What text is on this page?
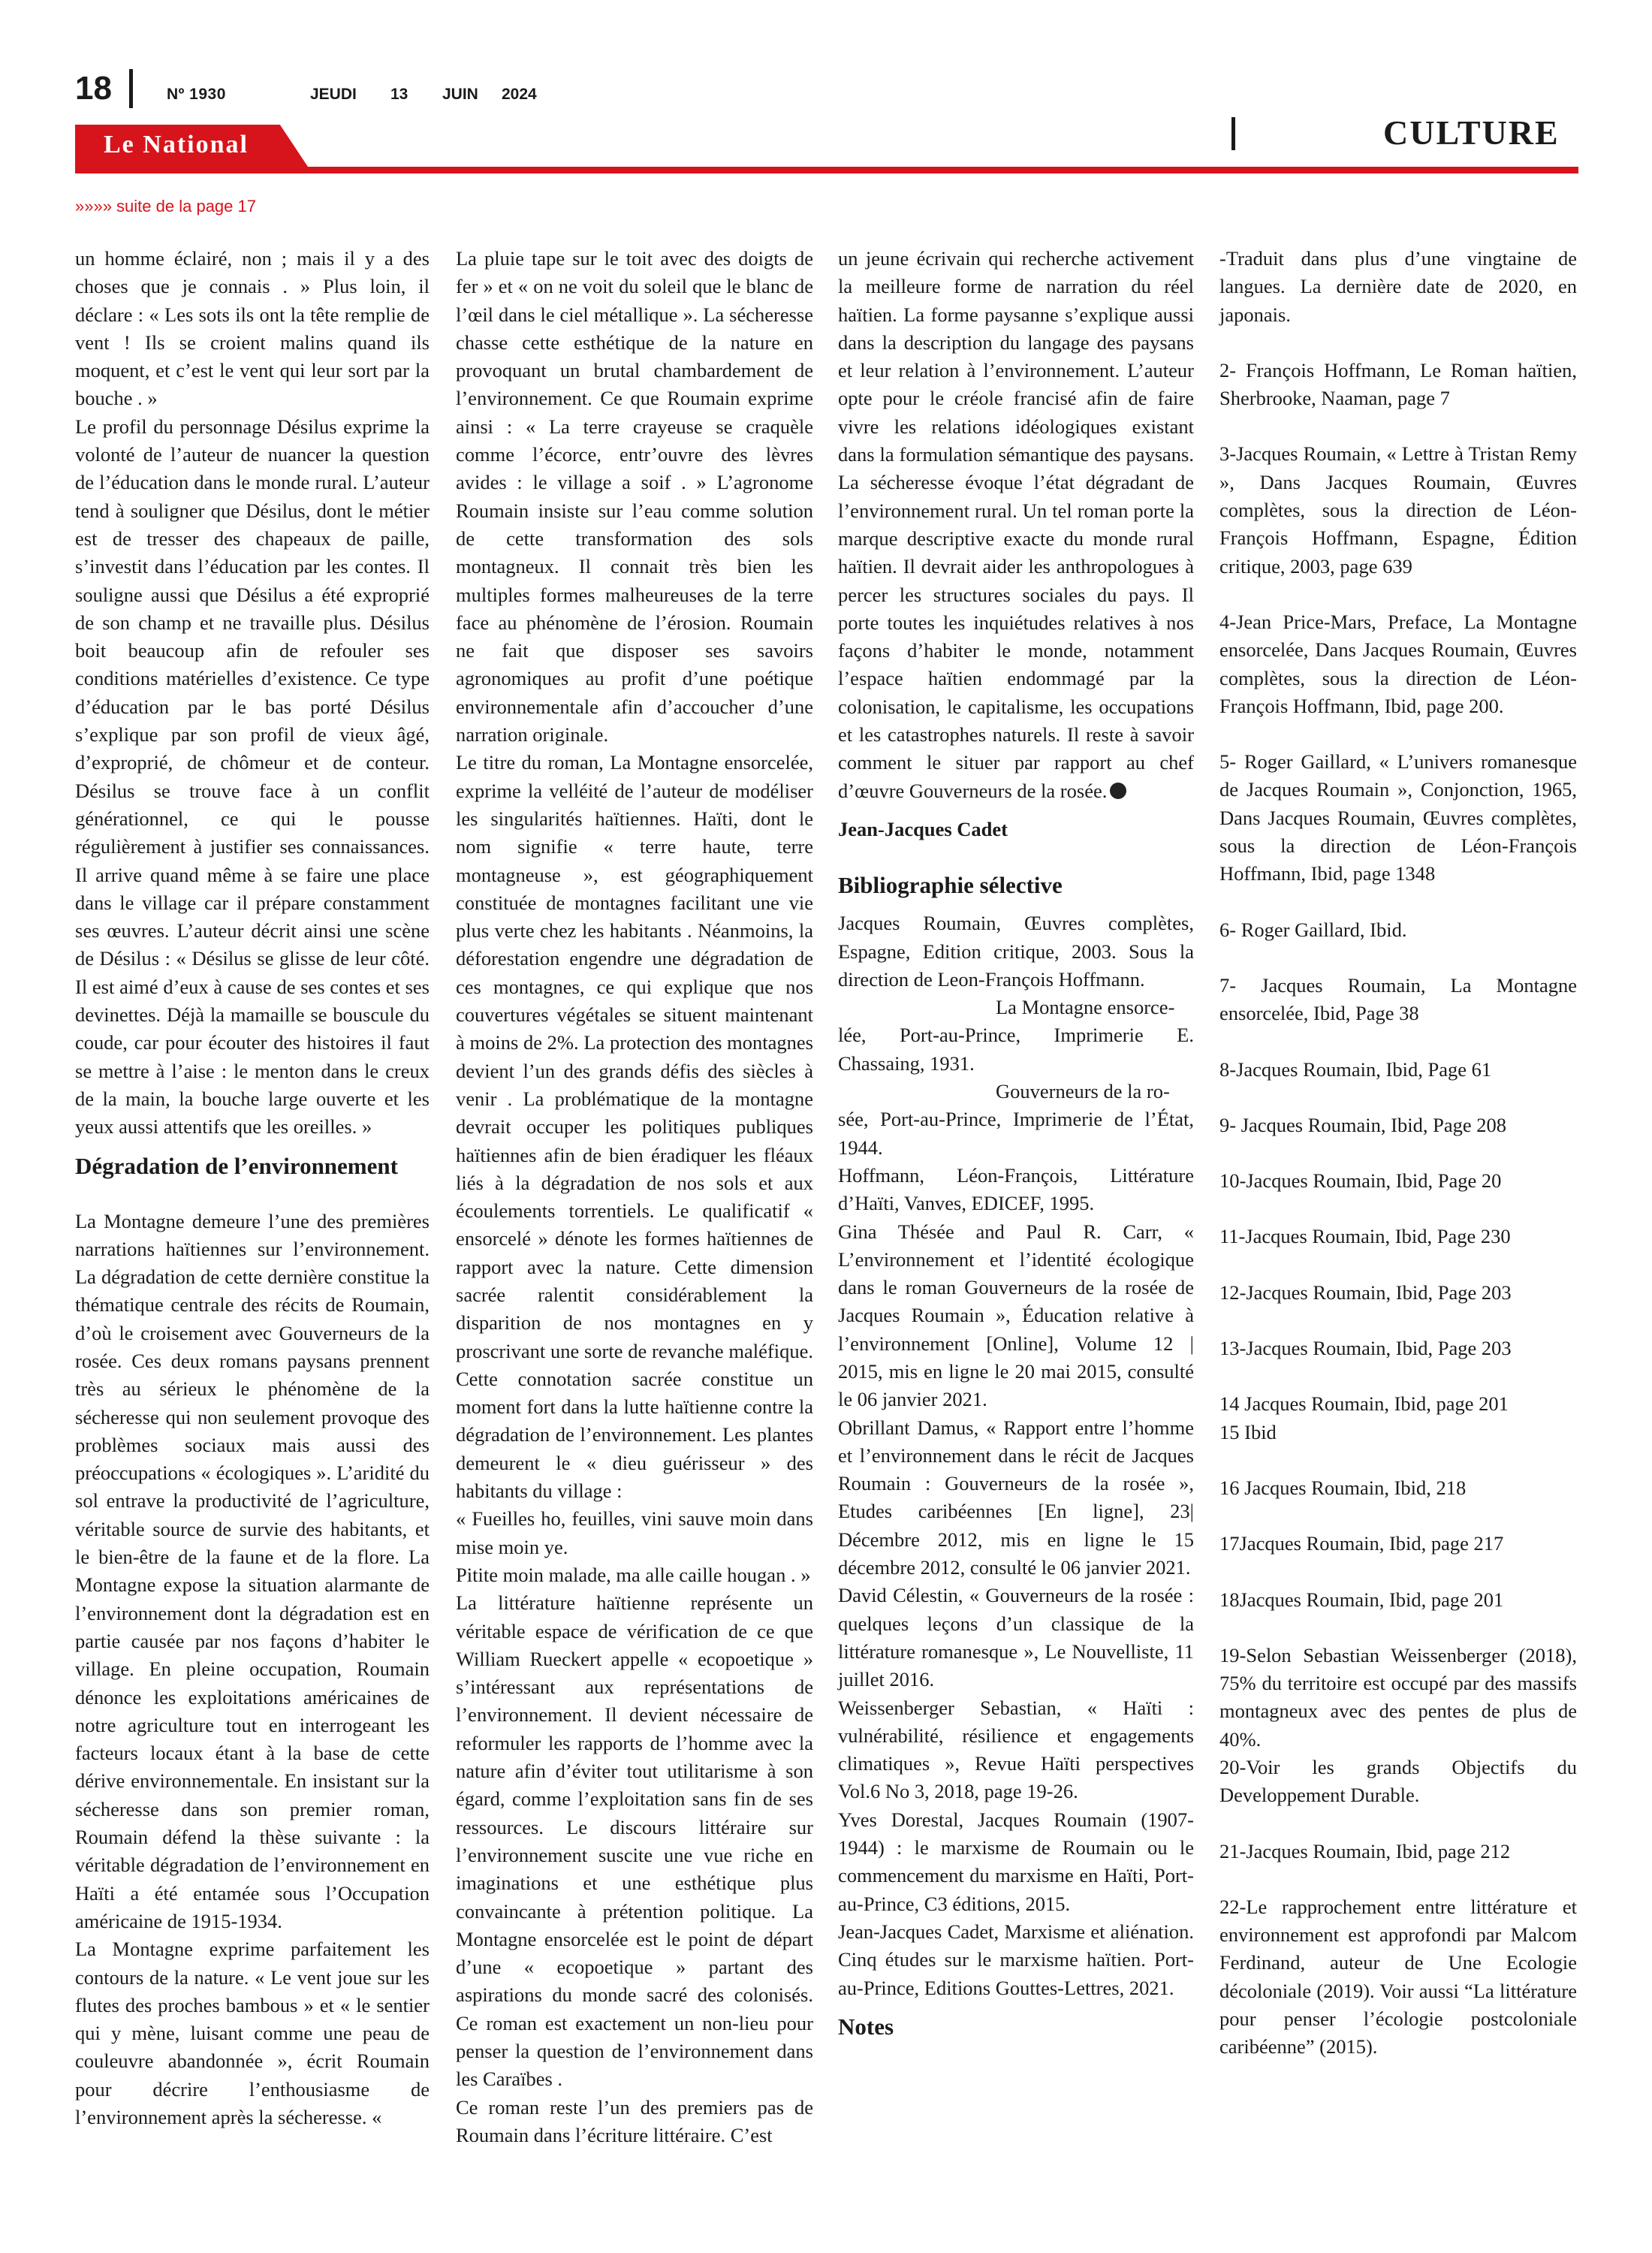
18	Nº 1930	JEUDI 13 JUIN 2024
Le National	CULTURE
»»»» suite de la page 17

un homme éclairé, non ; mais il y a des choses que je connais . » Plus loin, il déclare : « Les sots ils ont la tête remplie de vent ! Ils se croient malins quand ils moquent, et c’est le vent qui leur sort par la bouche . »

Le profil du personnage Désilus exprime la volonté de l’auteur de nuancer la question de l’éducation dans le monde rural. L’auteur tend à souligner que Désilus, dont le métier est de tresser des chapeaux de paille, s’investit dans l’éducation par les contes. Il souligne aussi que Désilus a été exproprié de son champ et ne travaille plus. Désilus boit beaucoup afin de refouler ses conditions matérielles d’existence. Ce type d’éducation par le bas porté Désilus s’explique par son profil de vieux âgé, d’exproprié, de chômeur et de conteur. Désilus se trouve face à un conflit générationnel, ce qui le pousse régulièrement à justifier ses connaissances. Il arrive quand même à se faire une place dans le village car il prépare constamment ses œuvres. L’auteur décrit ainsi une scène de Désilus : « Désilus se glisse de leur côté. Il est aimé d’eux à cause de ses contes et ses devinettes. Déjà la mamaille se bouscule du coude, car pour écouter des histoires il faut se mettre à l’aise : le menton dans le creux de la main, la bouche large ouverte et les yeux aussi attentifs que les oreilles. »

Dégradation de l’environnement

La Montagne demeure l’une des premières narrations haïtiennes sur l’environnement. La dégradation de cette dernière constitue la thématique centrale des récits de Roumain, d’où le croisement avec Gouverneurs de la rosée. Ces deux romans paysans prennent très au sérieux le phénomène de la sécheresse qui non seulement provoque des problèmes sociaux mais aussi des préoccupations « écologiques ». L’aridité du sol entrave la productivité de l’agriculture, véritable source de survie des habitants, et le bien-être de la faune et de la flore. La Montagne expose la situation alarmante de l’environnement dont la dégradation est en partie causée par nos façons d’habiter le village. En pleine occupation, Roumain dénonce les exploitations américaines de notre agriculture tout en interrogeant les facteurs locaux étant à la base de cette dérive environnementale. En insistant sur la sécheresse dans son premier roman, Roumain défend la thèse suivante : la véritable dégradation de l’environnement en Haïti a été entamée sous l’Occupation américaine de 1915-1934.

La Montagne exprime parfaitement les contours de la nature. « Le vent joue sur les flutes des proches bambous » et « le sentier qui y mène, luisant comme une peau de couleuvre abandonnée », écrit Roumain pour décrire l’enthousiasme de l’environnement après la sécheresse. «

La pluie tape sur le toit avec des doigts de fer » et « on ne voit du soleil que le blanc de l’œil dans le ciel métallique ». La sécheresse chasse cette esthétique de la nature en provoquant un brutal chambardement de l’environnement. Ce que Roumain exprime ainsi : « La terre crayeuse se craquèle comme l’écorce, entr’ouvre des lèvres avides : le village a soif . » L’agronome Roumain insiste sur l’eau comme solution de cette transformation des sols montagneux. Il connait très bien les multiples formes malheureuses de la terre face au phénomène de l’érosion. Roumain ne fait que disposer ses savoirs agronomiques au profit d’une poétique environnementale afin d’accoucher d’une narration originale.

Le titre du roman, La Montagne ensorcelée, exprime la velléité de l’auteur de modéliser les singularités haïtiennes. Haïti, dont le nom signifie « terre haute, terre montagneuse », est géographiquement constituée de montagnes facilitant une vie plus verte chez les habitants . Néanmoins, la déforestation engendre une dégradation de ces montagnes, ce qui explique que nos couvertures végétales se situent maintenant à moins de 2%. La protection des montagnes devient l’un des grands défis des siècles à venir . La problématique de la montagne devrait occuper les politiques publiques haïtiennes afin de bien éradiquer les fléaux liés à la dégradation de nos sols et aux écoulements torrentiels. Le qualificatif « ensorcelé » dénote les formes haïtiennes de rapport avec la nature. Cette dimension sacrée ralentit considérablement la disparition de nos montagnes en y proscrivant une sorte de revanche maléfique. Cette connotation sacrée constitue un moment fort dans la lutte haïtienne contre la dégradation de l’environnement. Les plantes demeurent le « dieu guérisseur » des habitants du village :

« Fueilles ho, feuilles, vini sauve moin dans mise moin ye.

Pitite moin malade, ma alle caille hougan . »

La littérature haïtienne représente un véritable espace de vérification de ce que William Rueckert appelle « ecopoetique » s’intéressant aux représentations de l’environnement. Il devient nécessaire de reformuler les rapports de l’homme avec la nature afin d’éviter tout utilitarisme à son égard, comme l’exploitation sans fin de ses ressources. Le discours littéraire sur l’environnement suscite une vue riche en imaginations et une esthétique plus convaincante à prétention politique. La Montagne ensorcelée est le point de départ d’une « ecopoetique » partant des aspirations du monde sacré des colonisés. Ce roman est exactement un non-lieu pour penser la question de l’environnement dans les Caraïbes .

Ce roman reste l’un des premiers pas de Roumain dans l’écriture littéraire. C’est

un jeune écrivain qui recherche activement la meilleure forme de narration du réel haïtien. La forme paysanne s’explique aussi dans la description du langage des paysans et leur relation à l’environnement. L’auteur opte pour le créole francisé afin de faire vivre les relations idéologiques existant dans la formulation sémantique des paysans. La sécheresse évoque l’état dégradant de l’environnement rural. Un tel roman porte la marque descriptive exacte du monde rural haïtien. Il devrait aider les anthropologues à percer les structures sociales du pays. Il porte toutes les inquiétudes relatives à nos façons d’habiter le monde, notamment l’espace haïtien endommagé par la colonisation, le capitalisme, les occupations et les catastrophes naturels. Il reste à savoir comment le situer par rapport au chef d’œuvre Gouverneurs de la rosée.

Jean-Jacques Cadet

Bibliographie sélective

Jacques Roumain, Œuvres complètes, Espagne, Edition critique, 2003. Sous la direction de Leon-François Hoffmann.

La Montagne ensorce-

lée, Port-au-Prince, Imprimerie E. Chassaing, 1931.

Gouverneurs de la ro-

sée, Port-au-Prince, Imprimerie de l’État, 1944.

Hoffmann, Léon-François, Littérature d’Haïti, Vanves, EDICEF, 1995.

Gina Thésée and Paul R. Carr, « L’environnement et l’identité écologique dans le roman Gouverneurs de la rosée de Jacques Roumain », Éducation relative à l’environnement [Online], Volume 12 | 2015, mis en ligne le 20 mai 2015, consulté le 06 janvier 2021.

Obrillant Damus, « Rapport entre l’homme et l’environnement dans le récit de Jacques Roumain : Gouverneurs de la rosée », Etudes caribéennes [En ligne], 23| Décembre 2012, mis en ligne le 15 décembre 2012, consulté le 06 janvier 2021.

David Célestin, « Gouverneurs de la rosée : quelques leçons d’un classique de la littérature romanesque », Le Nouvelliste, 11 juillet 2016.

Weissenberger Sebastian, « Haïti : vulnérabilité, résilience et engagements climatiques », Revue Haïti perspectives Vol.6 No 3, 2018, page 19-26.

Yves Dorestal, Jacques Roumain (1907-1944) : le marxisme de Roumain ou le commencement du marxisme en Haïti, Port-au-Prince, C3 éditions, 2015.

Jean-Jacques Cadet, Marxisme et aliénation. Cinq études sur le marxisme haïtien. Port-au-Prince, Editions Gouttes-Lettres, 2021.

Notes

-Traduit dans plus d’une vingtaine de langues. La dernière date de 2020, en japonais.

2- François Hoffmann, Le Roman haïtien, Sherbrooke, Naaman, page 7

3-Jacques Roumain, « Lettre à Tristan Remy », Dans Jacques Roumain, Œuvres complètes, sous la direction de Léon-François Hoffmann, Espagne, Édition critique, 2003, page 639

4-Jean Price-Mars, Preface, La Montagne ensorcelée, Dans Jacques Roumain, Œuvres complètes, sous la direction de Léon-François Hoffmann, Ibid, page 200.

5- Roger Gaillard, « L’univers romanesque de Jacques Roumain », Conjonction, 1965, Dans Jacques Roumain, Œuvres complètes, sous la direction de Léon-François Hoffmann, Ibid, page 1348

6- Roger Gaillard, Ibid.

7- Jacques Roumain, La Montagne ensorcelée, Ibid, Page 38

8-Jacques Roumain, Ibid, Page 61

9- Jacques Roumain, Ibid, Page 208

10-Jacques Roumain, Ibid, Page 20

11-Jacques Roumain, Ibid, Page 230

12-Jacques Roumain, Ibid, Page 203

13-Jacques Roumain, Ibid, Page 203

14 Jacques Roumain, Ibid, page 201

15 Ibid

16 Jacques Roumain, Ibid, 218

17Jacques Roumain, Ibid, page 217

18Jacques Roumain, Ibid, page 201

19-Selon Sebastian Weissenberger (2018), 75% du territoire est occupé par des massifs montagneux avec des pentes de plus de 40%.

20-Voir les grands Objectifs du Developpement Durable.

21-Jacques Roumain, Ibid, page 212

22-Le rapprochement entre littérature et environnement est approfondi par Malcom Ferdinand, auteur de Une Ecologie décoloniale (2019). Voir aussi “La littérature pour penser l’écologie postcoloniale caribéenne” (2015).
